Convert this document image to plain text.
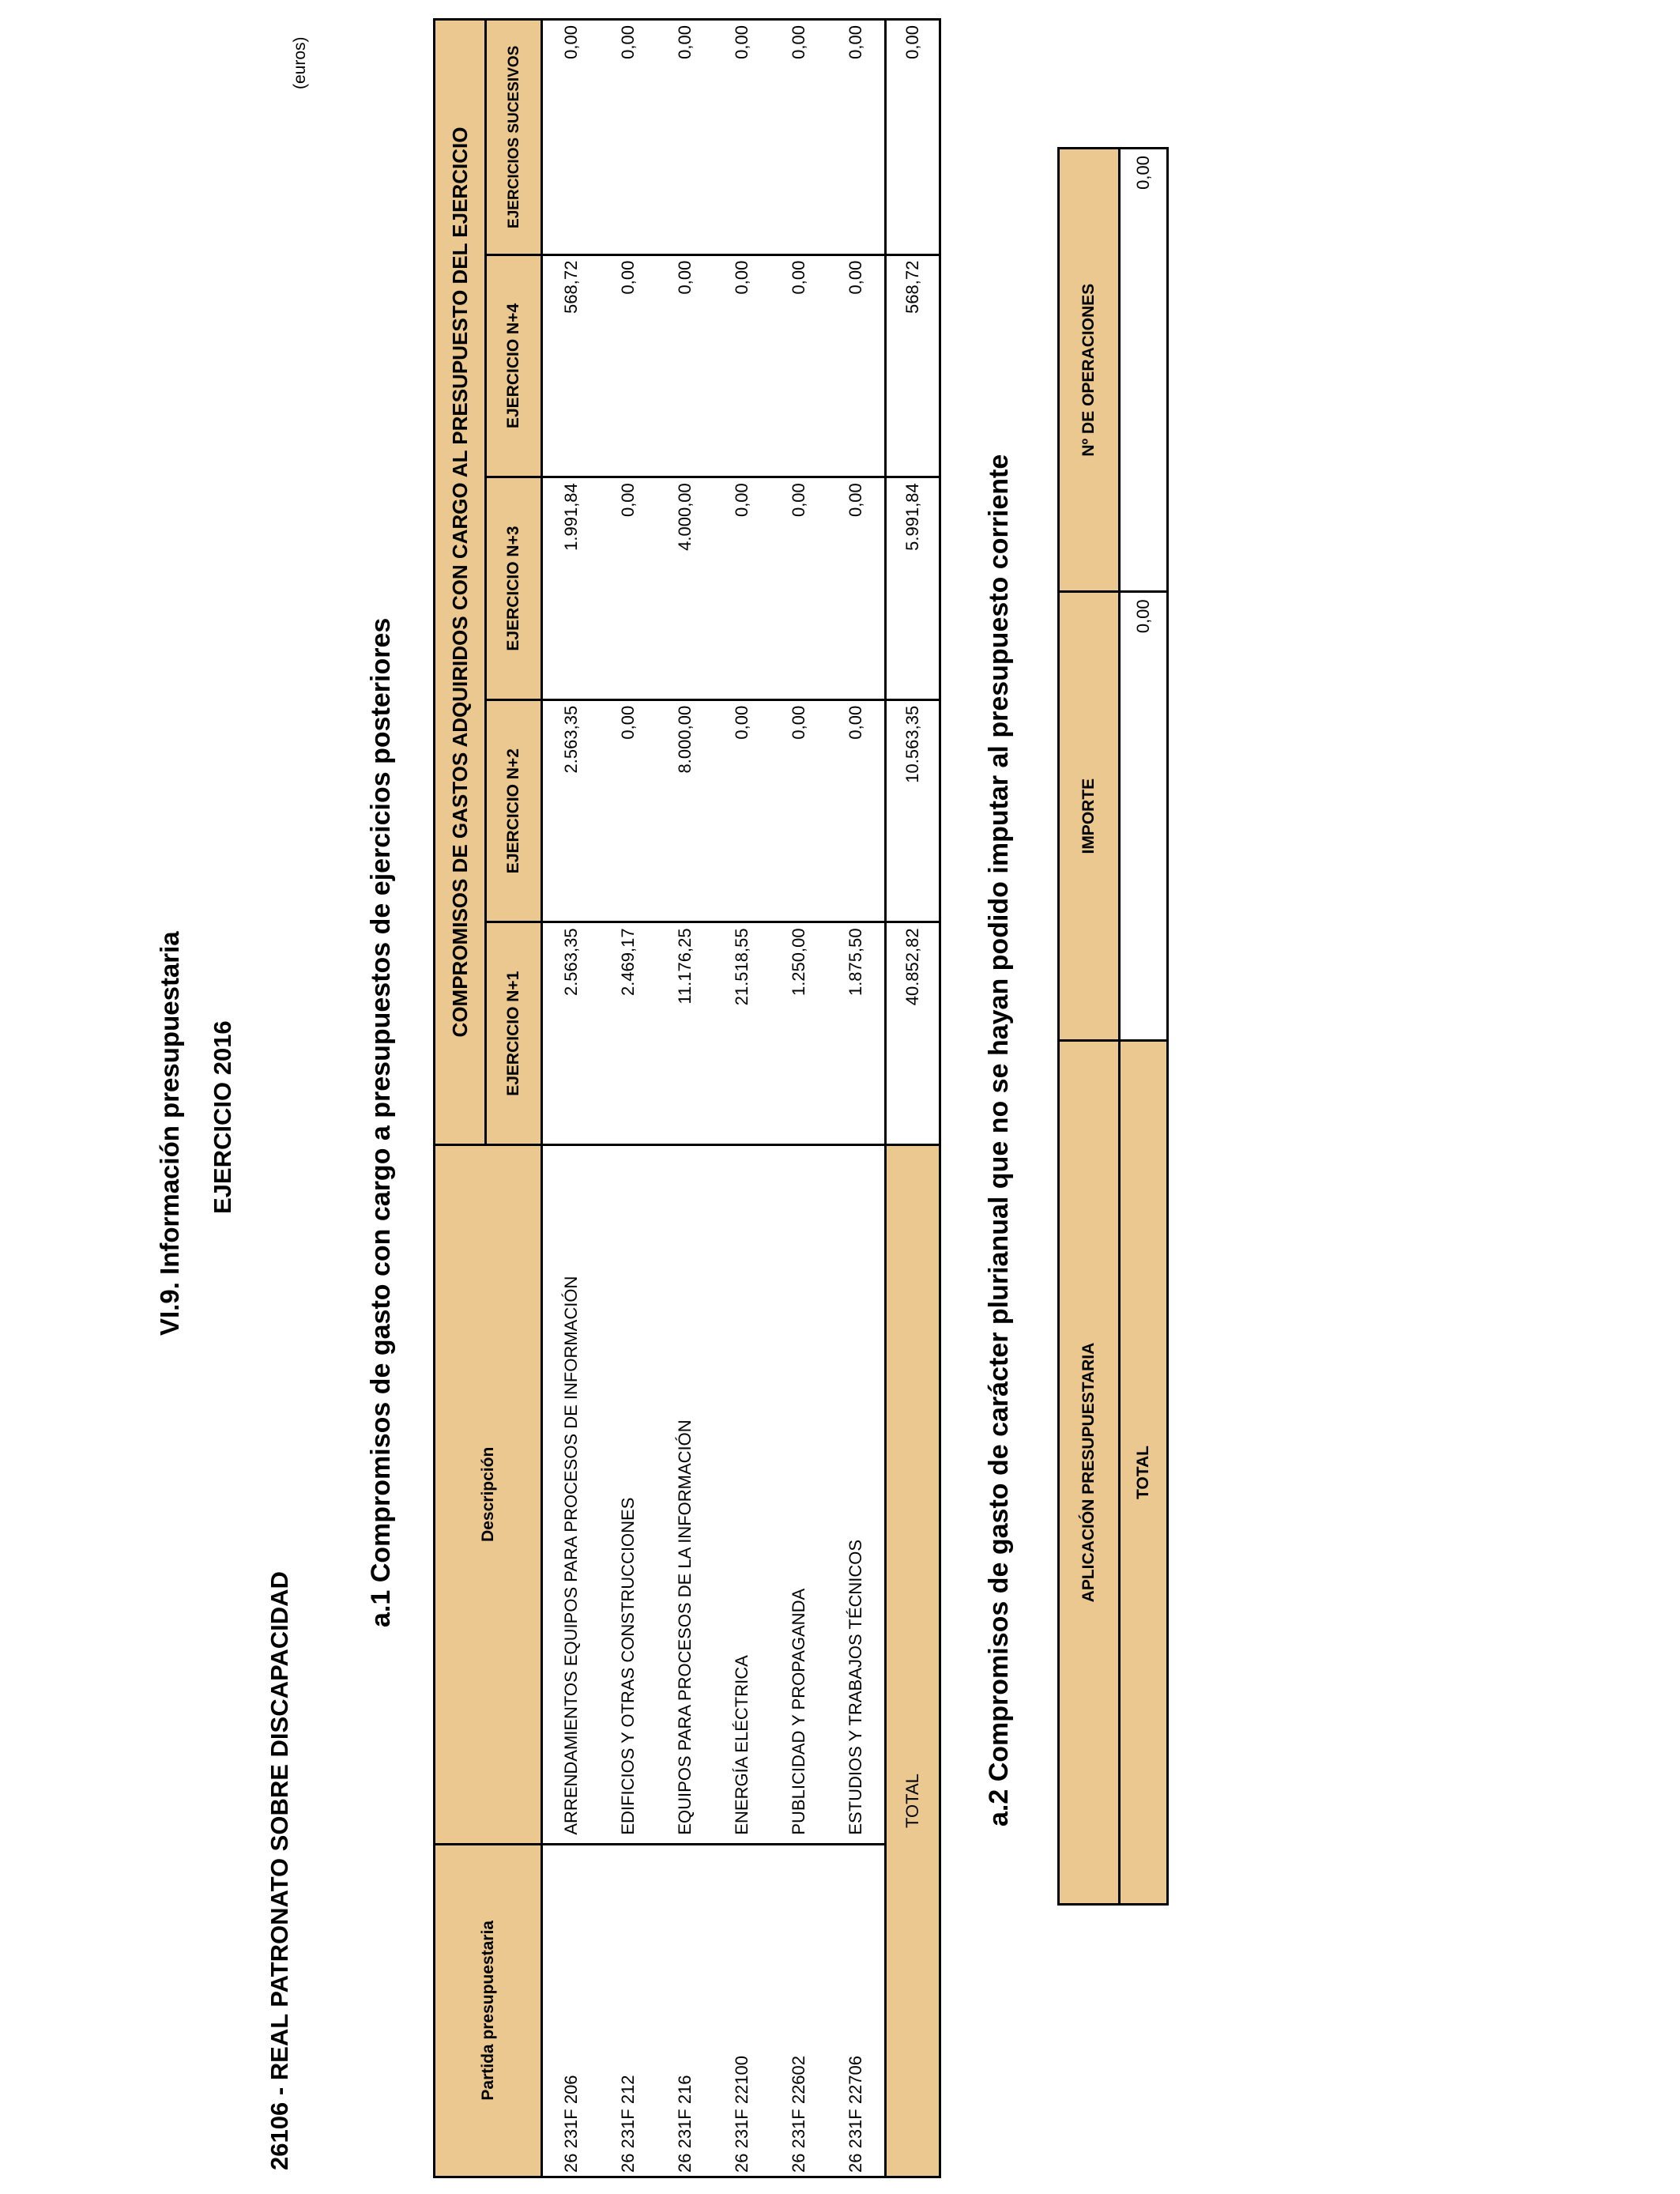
VI.9. Información presupuestaria EJERCICIO 2016
26106 - REAL PATRONATO SOBRE DISCAPACIDAD
(euros)
a.1 Compromisos de gasto con cargo a presupuestos de ejercicios posteriores
Partida presupuestaria	Descripción	COMPROMISOS DE GASTOS ADQUIRIDOS CON CARGO AL PRESUPUESTO DEL EJERCICIO				
		EJERCICIO N+1	EJERCICIO N+2	EJERCICIO N+3	EJERCICIO N+4	EJERCICIOS SUCESIVOS
26 231F 206	ARRENDAMIENTOS EQUIPOS PARA PROCESOS DE INFORMACIÓN	2.563,35	2.563,35	1.991,84	568,72	0,00
26 231F 212	EDIFICIOS Y OTRAS CONSTRUCCIONES	2.469,17	0,00	0,00	0,00	0,00
26 231F 216	EQUIPOS PARA PROCESOS DE LA INFORMACIÓN	11.176,25	8.000,00	4.000,00	0,00	0,00
26 231F 22100	ENERGÍA ELÉCTRICA	21.518,55	0,00	0,00	0,00	0,00
26 231F 22602	PUBLICIDAD Y PROPAGANDA	1.250,00	0,00	0,00	0,00	0,00
26 231F 22706	ESTUDIOS Y TRABAJOS TÉCNICOS	1.875,50	0,00	0,00	0,00	0,00
TOTAL		40.852,82	10.563,35	5.991,84	568,72	0,00
a.2 Compromisos de gasto de carácter plurianual que no se hayan podido imputar al presupuesto corriente	APLICACIÓN PRESUPUESTARIA	IMPORTE	Nº DE OPERACIONES
TOTAL	0,00	0,00
